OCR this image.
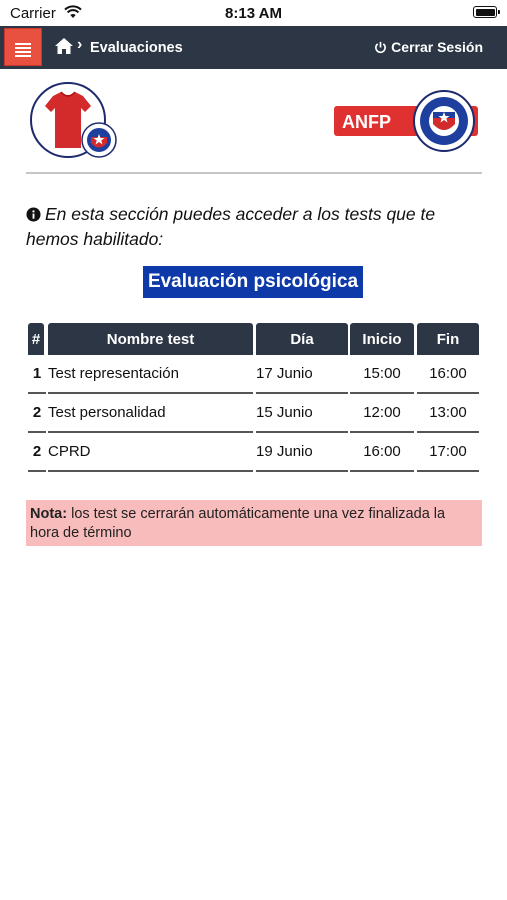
Carrier	8:13 AM
› Evaluaciones	Cerrar Sesión
ANFP
En esta sección puedes acceder a los tests que te hemos habilitado:
Evaluación psicológica
#	Nombre test	Día	Inicio	Fin
1 Test representación	17 Junio	15:00	16:00
2 Test personalidad	15 Junio	12:00	13:00
2 CPRD	19 Junio	16:00	17:00
Nota: los test se cerrarán automáticamente una vez finalizada la hora de término
